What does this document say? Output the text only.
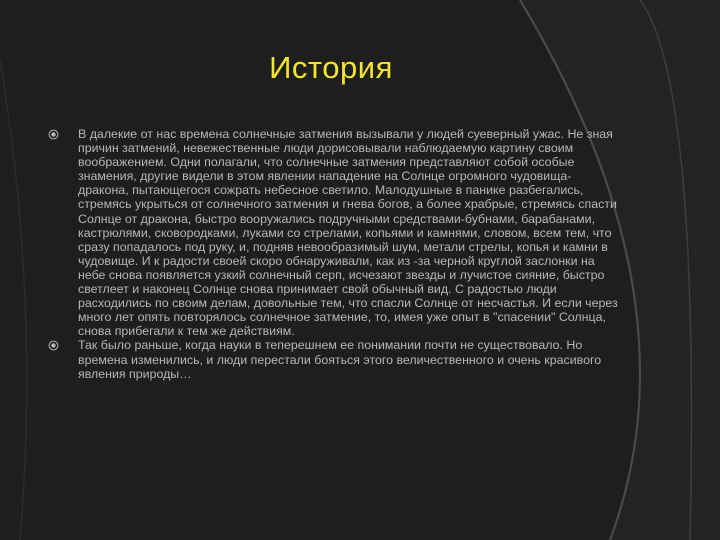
История
В далекие от нас времена солнечные затмения вызывали у людей суеверный ужас. Не зная причин затмений, невежественные люди дорисовывали наблюдаемую картину своим воображением. Одни полагали, что солнечные затмения представляют собой особые знамения, другие видели в этом явлении нападение на Солнце огромного чудовища-дракона, пытающегося сожрать небесное светило. Малодушные в панике разбегались, стремясь укрыться от солнечного затмения и гнева богов, а более храбрые, стремясь спасти Солнце от дракона, быстро вооружались подручными средствами-бубнами, барабанами, кастрюлями, сковородками, луками со стрелами, копьями и камнями, словом, всем тем, что сразу попадалось под руку, и, подняв невообразимый шум, метали стрелы, копья и камни в чудовище. И к радости своей скоро обнаруживали, как из -за черной круглой заслонки на небе снова появляется узкий солнечный серп, исчезают звезды и лучистое сияние, быстро светлеет и наконец Солнце снова принимает свой обычный вид. С радостью люди расходились по своим делам, довольные тем, что спасли Солнце от несчастья. И если через много лет опять повторялось солнечное затмение, то, имея уже опыт в "спасении" Солнца, снова прибегали к тем же действиям.
Так было раньше, когда науки в теперешнем ее понимании почти не существовало. Но времена изменились, и люди перестали бояться этого величественного и очень красивого явления природы…
